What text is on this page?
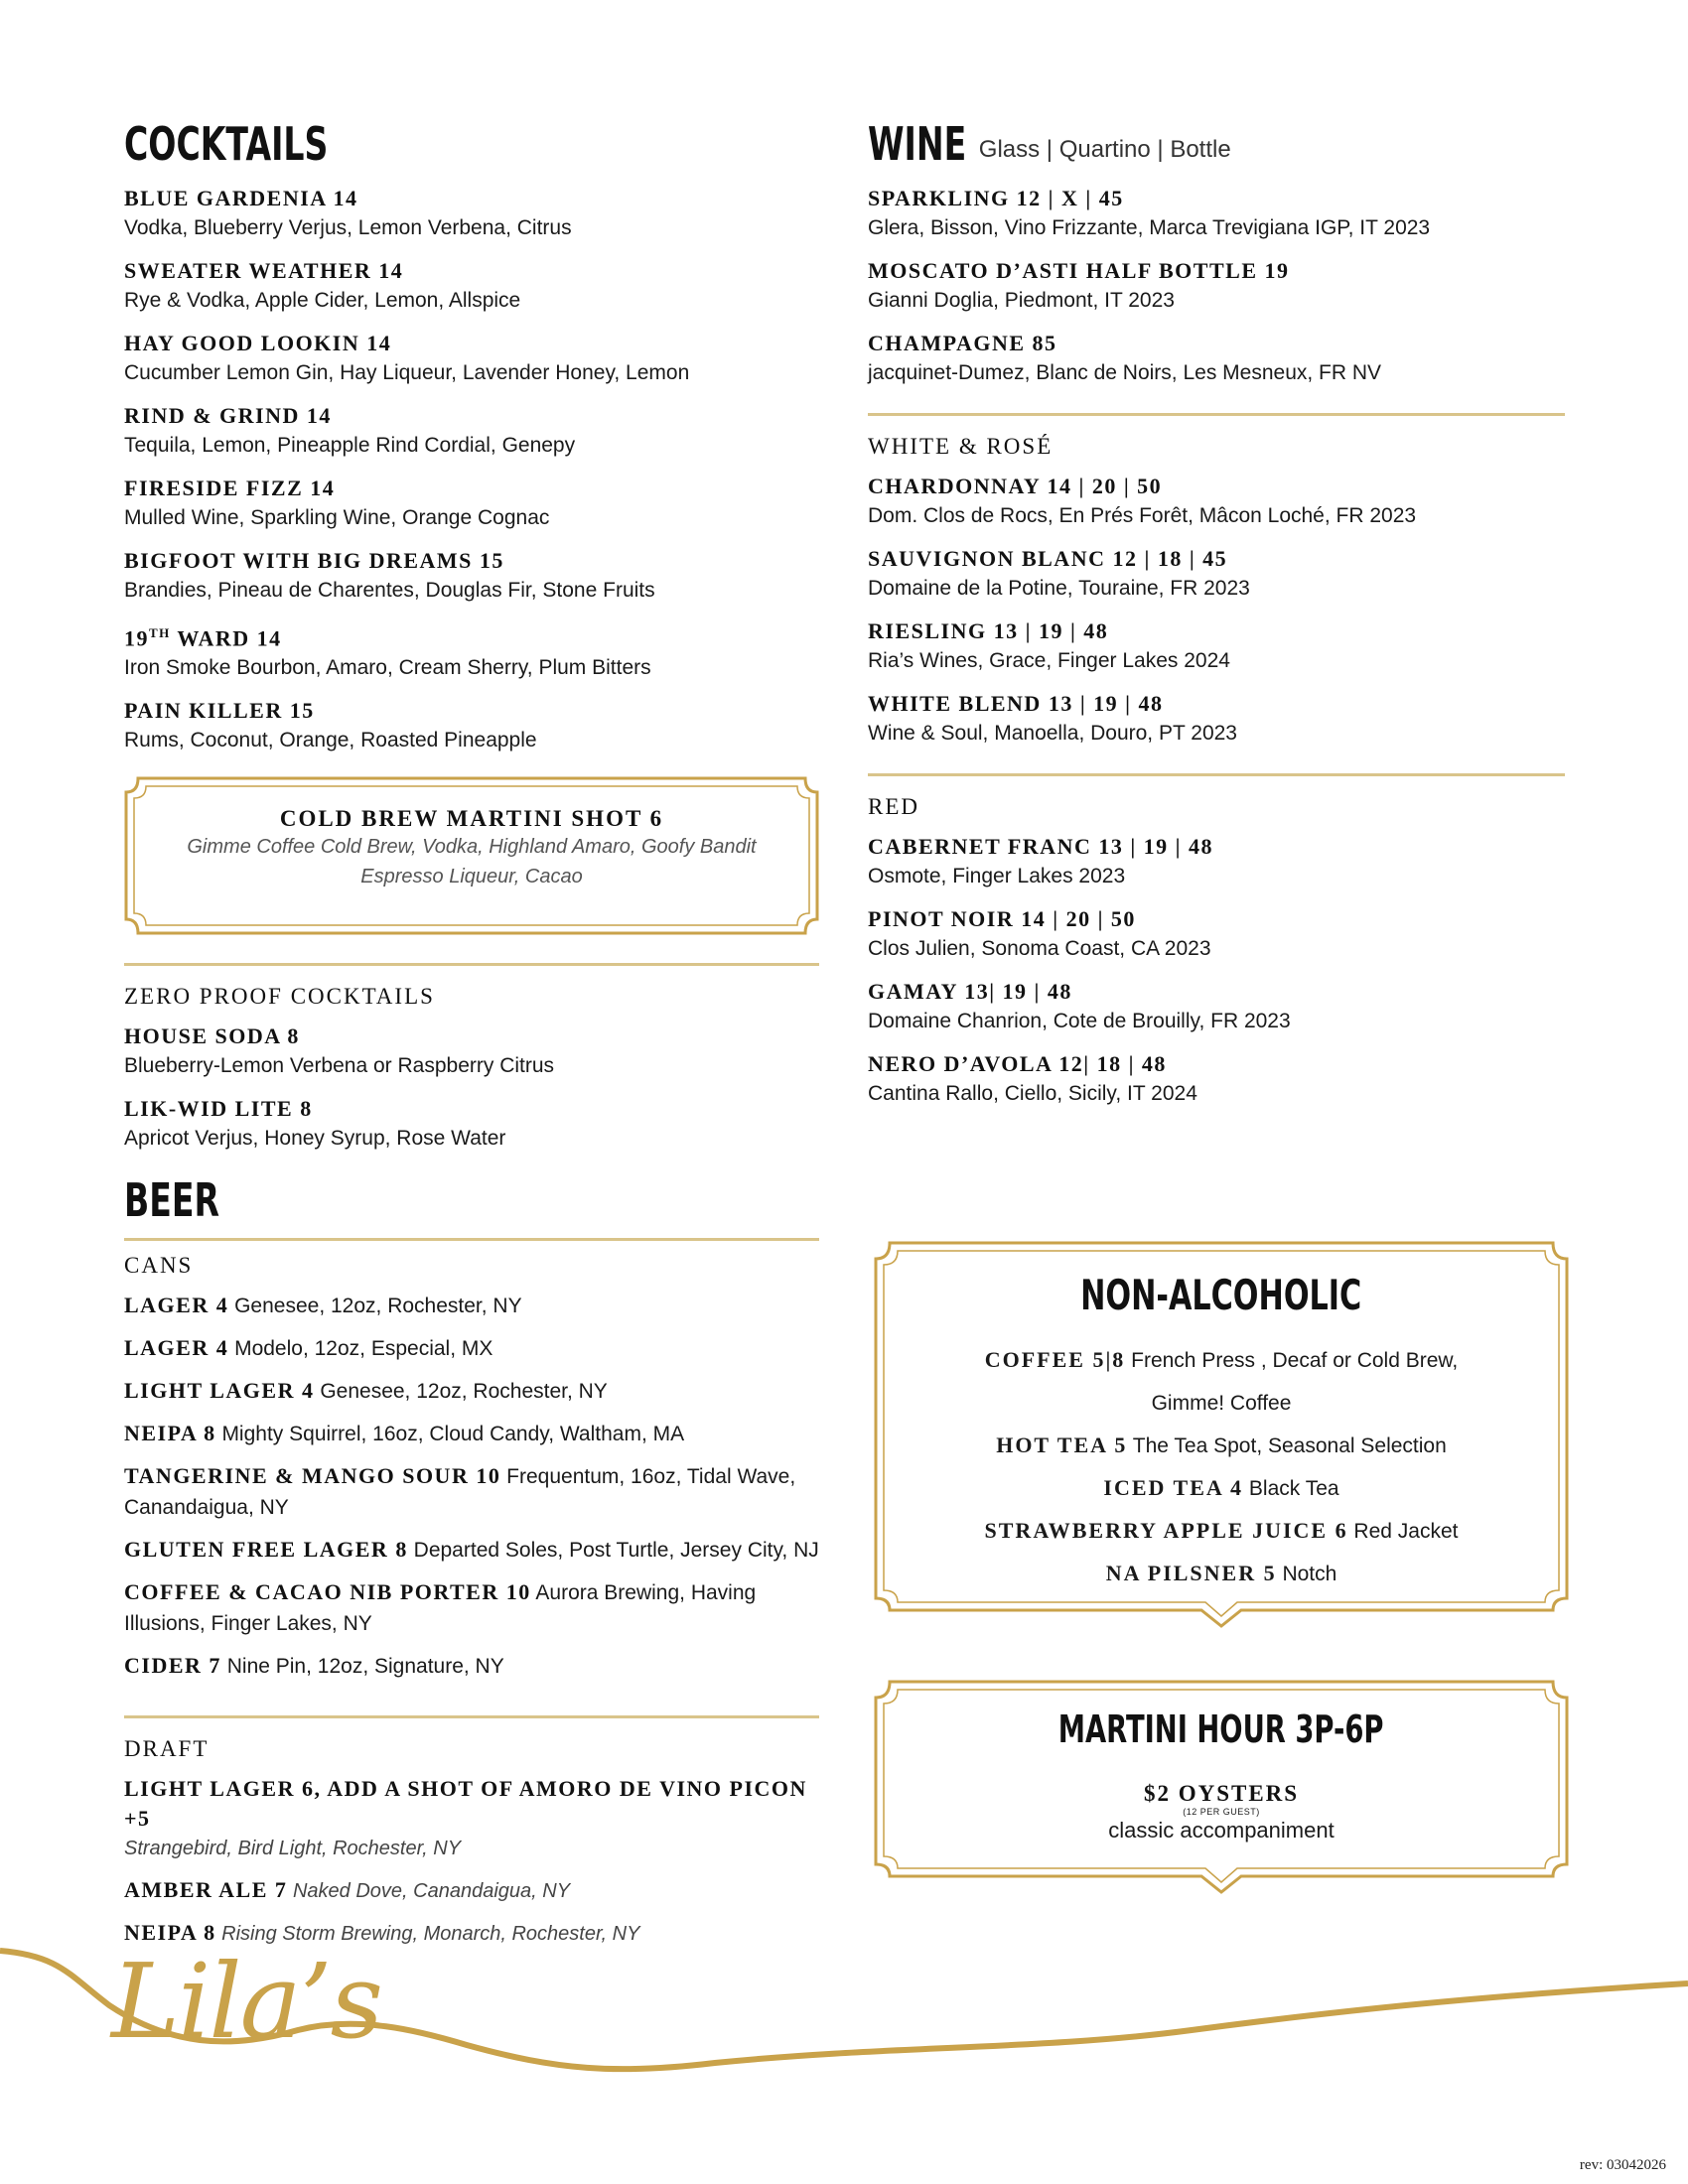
COCKTAILS
BLUE GARDENIA 14
Vodka, Blueberry Verjus, Lemon Verbena, Citrus
SWEATER WEATHER 14
Rye & Vodka, Apple Cider, Lemon, Allspice
HAY GOOD LOOKIN 14
Cucumber Lemon Gin, Hay Liqueur, Lavender Honey, Lemon
RIND & GRIND 14
Tequila, Lemon, Pineapple Rind Cordial, Genepy
FIRESIDE FIZZ 14
Mulled Wine, Sparkling Wine, Orange Cognac
BIGFOOT WITH BIG DREAMS 15
Brandies, Pineau de Charentes, Douglas Fir, Stone Fruits
19TH WARD 14
Iron Smoke Bourbon, Amaro, Cream Sherry, Plum Bitters
PAIN KILLER 15
Rums, Coconut, Orange, Roasted Pineapple
COLD BREW MARTINI SHOT 6
Gimme Coffee Cold Brew, Vodka, Highland Amaro, Goofy Bandit
Espresso Liqueur, Cacao
ZERO PROOF COCKTAILS
HOUSE SODA 8
Blueberry-Lemon Verbena or Raspberry Citrus
LIK-WID LITE 8
Apricot Verjus, Honey Syrup, Rose Water
BEER
CANS
LAGER 4 Genesee, 12oz, Rochester, NY
LAGER 4 Modelo, 12oz, Especial, MX
LIGHT LAGER 4 Genesee, 12oz, Rochester, NY
NEIPA 8 Mighty Squirrel, 16oz, Cloud Candy, Waltham, MA
TANGERINE & MANGO SOUR 10 Frequentum, 16oz, Tidal Wave, Canandaigua, NY
GLUTEN FREE LAGER 8 Departed Soles, Post Turtle, Jersey City, NJ
COFFEE & CACAO NIB PORTER 10 Aurora Brewing, Having Illusions, Finger Lakes, NY
CIDER 7 Nine Pin, 12oz, Signature, NY
DRAFT
LIGHT LAGER 6, ADD A SHOT OF AMORO DE VINO PICON +5
Strangebird, Bird Light, Rochester, NY
AMBER ALE 7 Naked Dove, Canandaigua, NY
NEIPA 8 Rising Storm Brewing, Monarch, Rochester, NY
WINE Glass | Quartino | Bottle
SPARKLING 12 | X | 45
Glera, Bisson, Vino Frizzante, Marca Trevigiana IGP, IT 2023
MOSCATO D’ASTI HALF BOTTLE 19
Gianni Doglia, Piedmont, IT 2023
CHAMPAGNE 85
jacquinet-Dumez, Blanc de Noirs, Les Mesneux, FR NV
WHITE & ROSÉ
CHARDONNAY 14 | 20 | 50
Dom. Clos de Rocs, En Prés Forêt, Mâcon Loché, FR 2023
SAUVIGNON BLANC 12 | 18 | 45
Domaine de la Potine, Touraine, FR 2023
RIESLING 13 | 19 | 48
Ria’s Wines, Grace, Finger Lakes 2024
WHITE BLEND 13 | 19 | 48
Wine & Soul, Manoella, Douro, PT 2023
RED
CABERNET FRANC 13 | 19 | 48
Osmote, Finger Lakes 2023
PINOT NOIR 14 | 20 | 50
Clos Julien, Sonoma Coast, CA 2023
GAMAY 13| 19 | 48
Domaine Chanrion, Cote de Brouilly, FR 2023
NERO D’AVOLA 12| 18 | 48
Cantina Rallo, Ciello, Sicily, IT 2024
NON-ALCOHOLIC
COFFEE 5|8 French Press , Decaf or Cold Brew,
Gimme! Coffee
HOT TEA 5 The Tea Spot, Seasonal Selection
ICED TEA 4 Black Tea
STRAWBERRY APPLE JUICE 6 Red Jacket
NA PILSNER 5 Notch
MARTINI HOUR 3P-6P
$2 OYSTERS
(12 PER GUEST)
classic accompaniment
Lila’s
rev: 03042026
